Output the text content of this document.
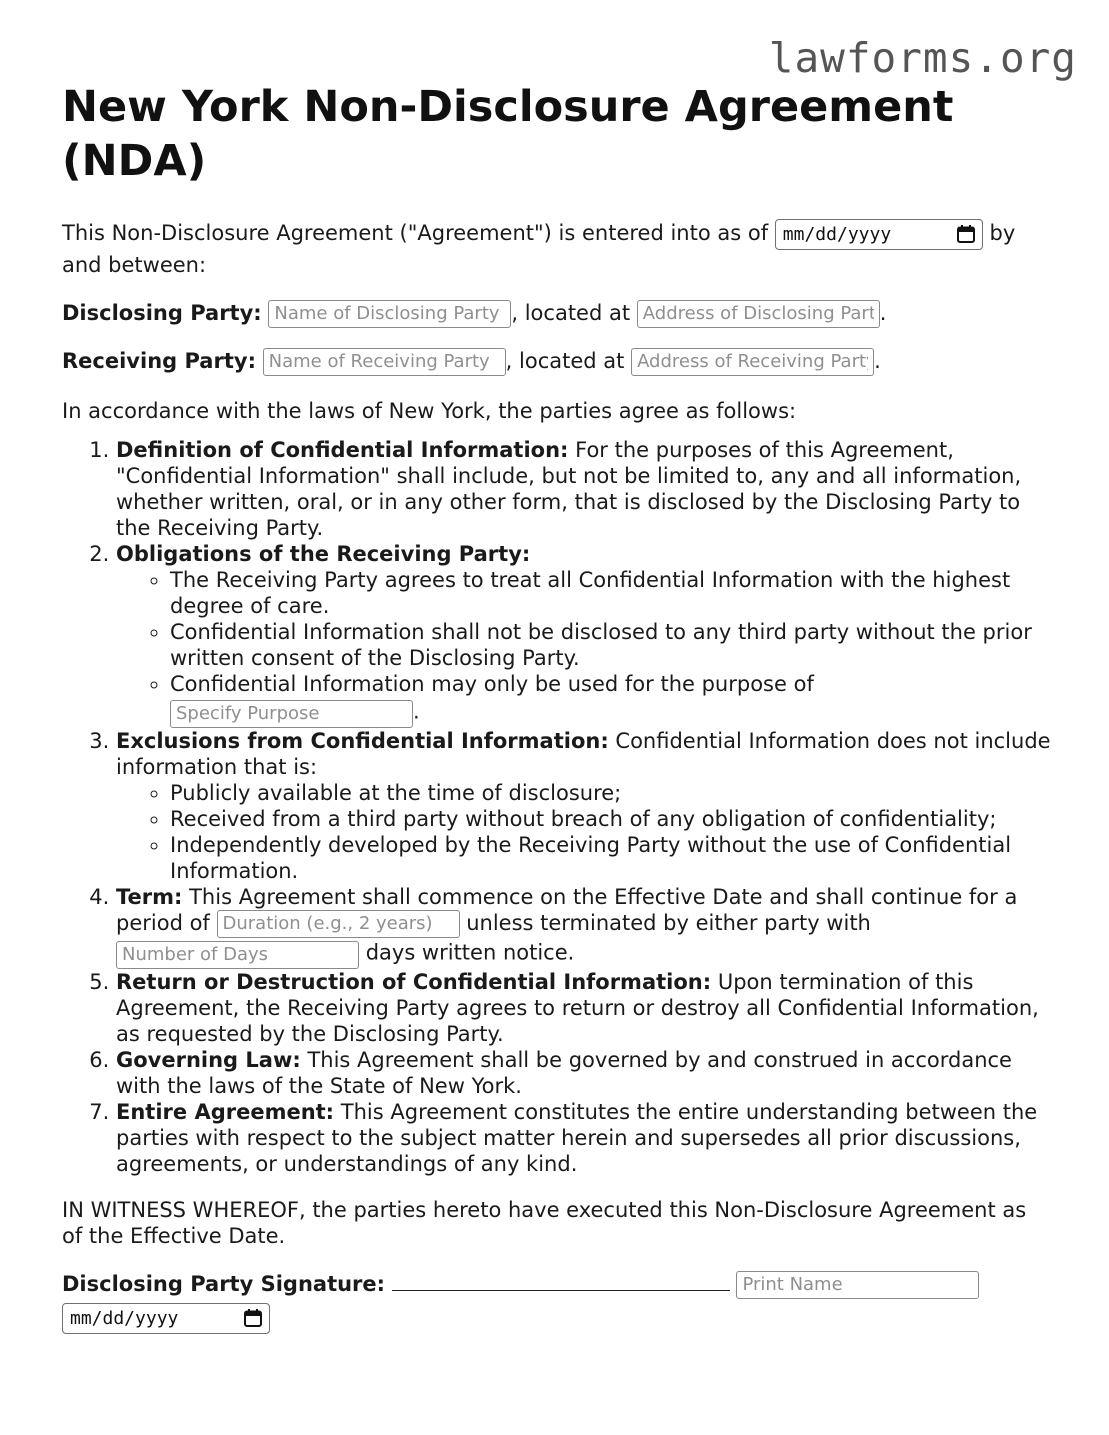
lawforms.org
New York Non-Disclosure Agreement (NDA)

This Non-Disclosure Agreement ("Agreement") is entered into as of mm/dd/yyyy	by and between:

Disclosing Party: Name of Disclosing Party	, located at Address of Disclosing Party	.

Receiving Party: Name of Receiving Party	, located at Address of Receiving Party	.

In accordance with the laws of New York, the parties agree as follows:

1. Definition of Confidential Information: For the purposes of this Agreement, "Confidential Information" shall include, but not be limited to, any and all information, whether written, oral, or in any other form, that is disclosed by the Disclosing Party to the Receiving Party.
2. Obligations of the Receiving Party:
◦ The Receiving Party agrees to treat all Confidential Information with the highest degree of care.
◦ Confidential Information shall not be disclosed to any third party without the prior written consent of the Disclosing Party.
◦ Confidential Information may only be used for the purpose of
Specify Purpose.
3. Exclusions from Confidential Information: Confidential Information does not include information that is:
◦ Publicly available at the time of disclosure;
◦ Received from a third party without breach of any obligation of confidentiality;
◦ Independently developed by the Receiving Party without the use of Confidential Information.
4. Term: This Agreement shall commence on the Effective Date and shall continue for a period of Duration (e.g., 2 years)	unless terminated by either party with
Number of Days days written notice.
5. Return or Destruction of Confidential Information: Upon termination of this Agreement, the Receiving Party agrees to return or destroy all Confidential Information, as requested by the Disclosing Party.
6. Governing Law: This Agreement shall be governed by and construed in accordance with the laws of the State of New York.
7. Entire Agreement: This Agreement constitutes the entire understanding between the parties with respect to the subject matter herein and supersedes all prior discussions, agreements, or understandings of any kind.

IN WITNESS WHEREOF, the parties hereto have executed this Non-Disclosure Agreement as of the Effective Date.

Disclosing Party Signature:  Print Name

mm/dd/yyyy
